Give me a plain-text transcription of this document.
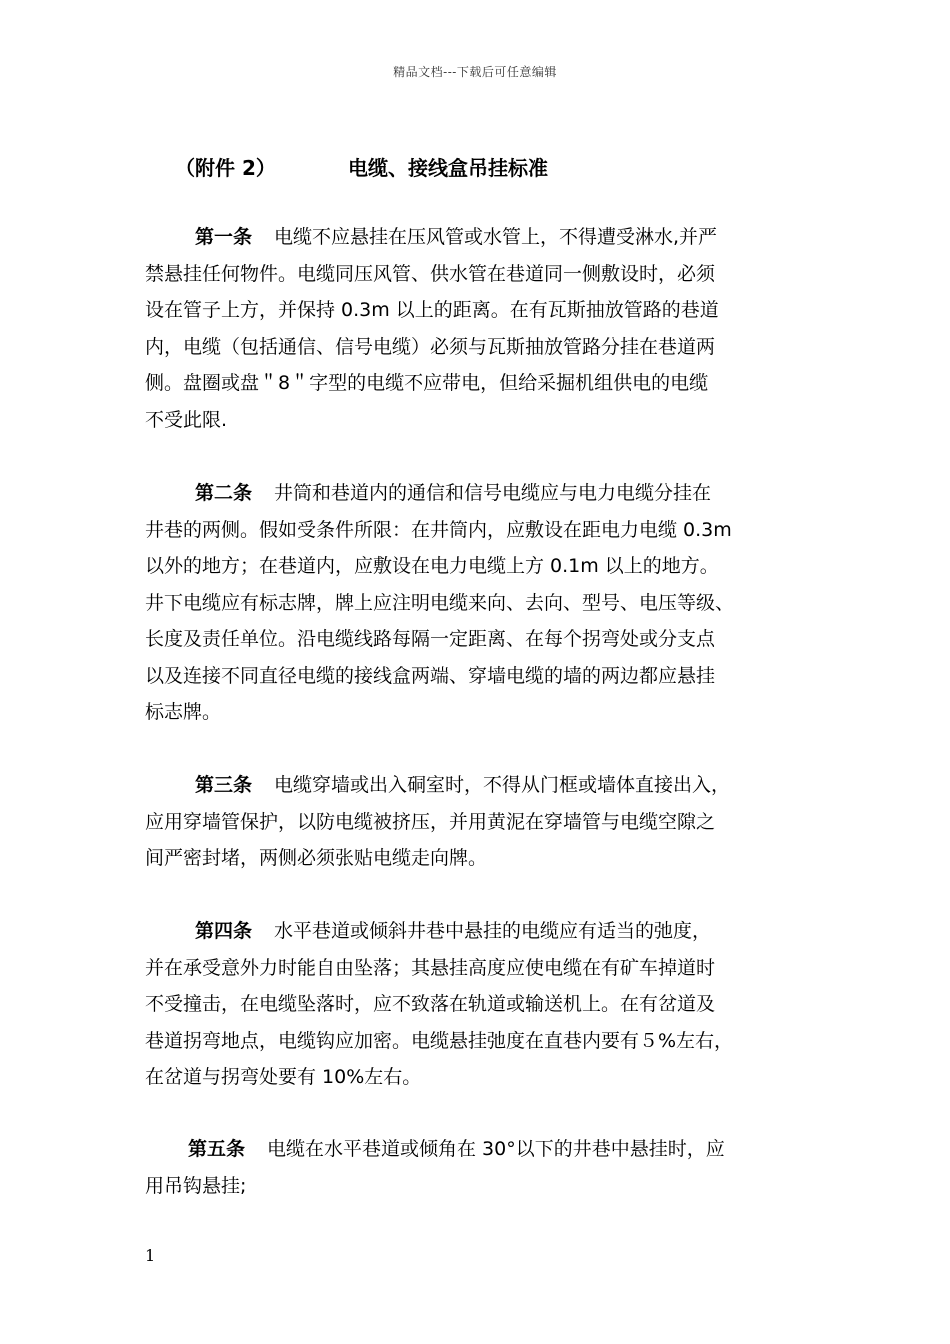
精品文档---下载后可任意编辑
（附件 2）	电缆、接线盒吊挂标准
第一条 电缆不应悬挂在压风管或水管上，不得遭受淋水,并严
禁悬挂任何物件。电缆同压风管、供水管在巷道同一侧敷设时，必须
设在管子上方，并保持 0.3m 以上的距离。在有瓦斯抽放管路的巷道
内，电缆（包括通信、信号电缆）必须与瓦斯抽放管路分挂在巷道两
侧。盘圈或盘＂8＂字型的电缆不应带电，但给采掘机组供电的电缆
不受此限.
第二条 井筒和巷道内的通信和信号电缆应与电力电缆分挂在
井巷的两侧。假如受条件所限：在井筒内，应敷设在距电力电缆 0.3m
以外的地方；在巷道内，应敷设在电力电缆上方 0.1m 以上的地方。
井下电缆应有标志牌，牌上应注明电缆来向、去向、型号、电压等级、
长度及责任单位。沿电缆线路每隔一定距离、在每个拐弯处或分支点
以及连接不同直径电缆的接线盒两端、穿墙电缆的墙的两边都应悬挂
标志牌。
第三条 电缆穿墙或出入硐室时，不得从门框或墙体直接出入，
应用穿墙管保护，以防电缆被挤压，并用黄泥在穿墙管与电缆空隙之
间严密封堵，两侧必须张贴电缆走向牌。
第四条 水平巷道或倾斜井巷中悬挂的电缆应有适当的弛度，
并在承受意外力时能自由坠落；其悬挂高度应使电缆在有矿车掉道时
不受撞击，在电缆坠落时，应不致落在轨道或输送机上。在有岔道及
巷道拐弯地点，电缆钩应加密。电缆悬挂弛度在直巷内要有５%左右，
在岔道与拐弯处要有 10%左右。
第五条 电缆在水平巷道或倾角在 30°以下的井巷中悬挂时，应
用吊钩悬挂;
1
